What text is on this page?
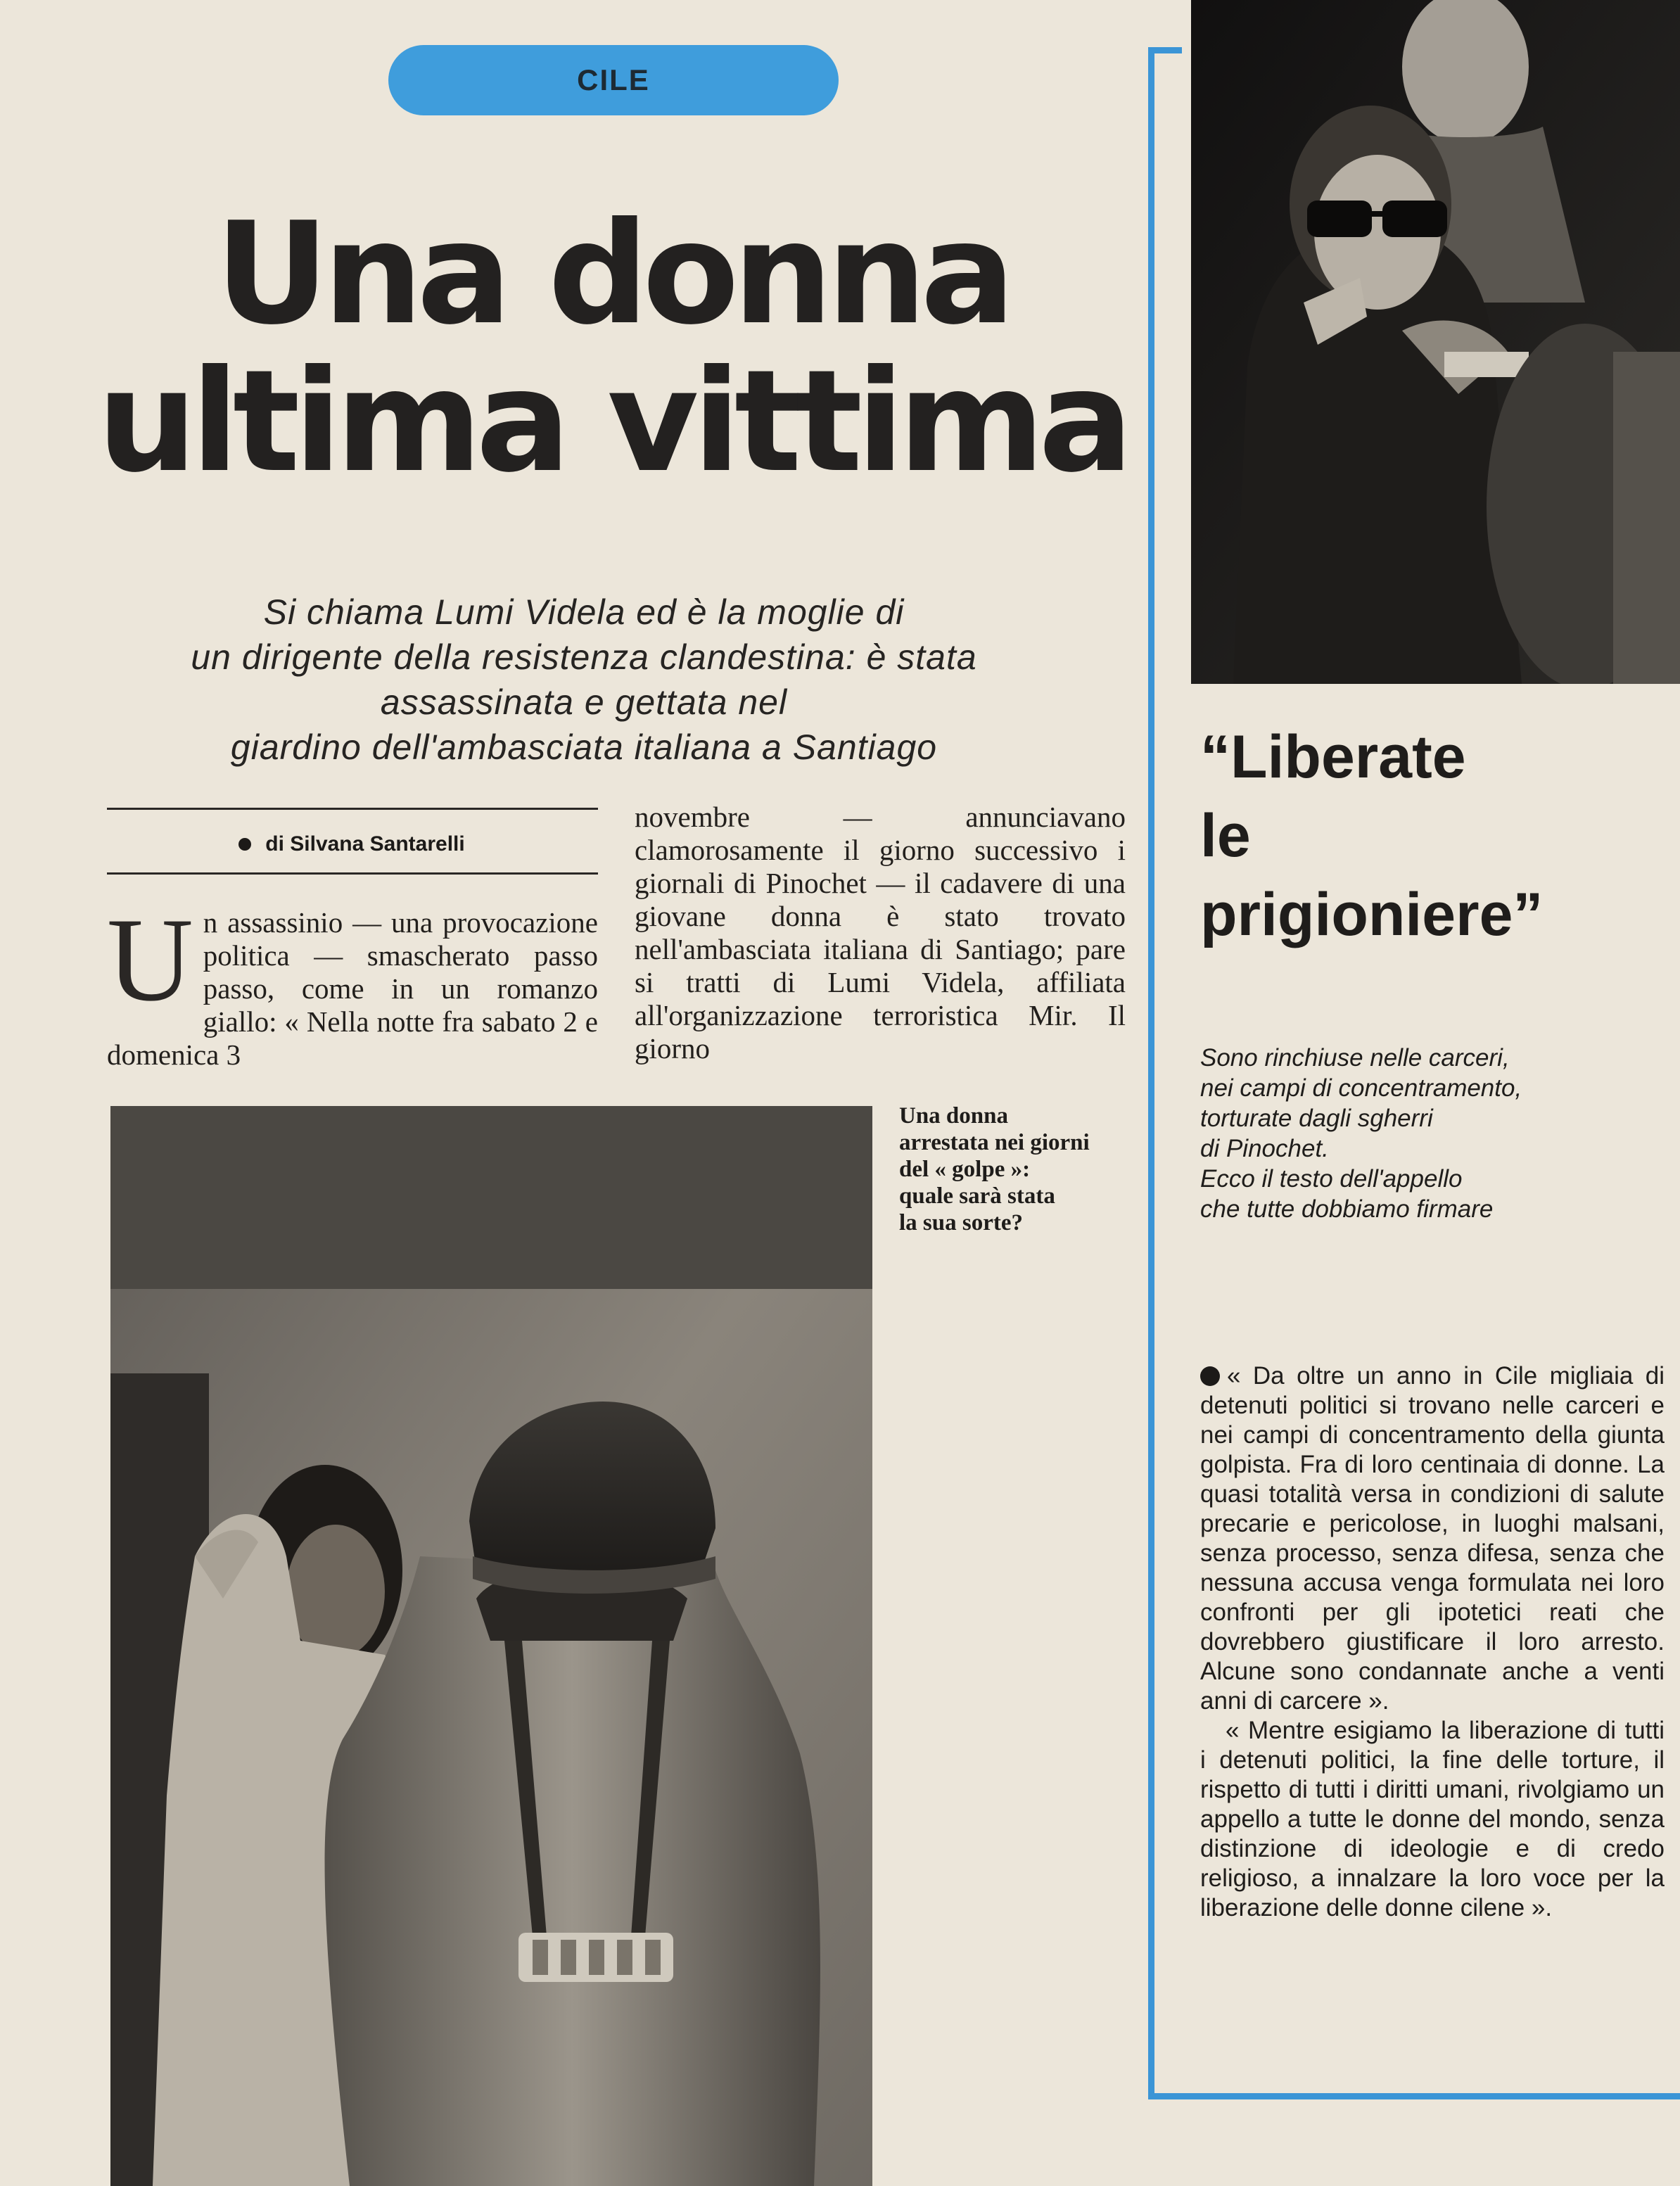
CILE
Una donna
ultima vittima
Si chiama Lumi Videla ed è la moglie di
un dirigente della resistenza clandestina: è stata
assassinata e gettata nel
giardino dell'ambasciata italiana a Santiago
di Silvana Santarelli
U n assassinio — una provocazione politica — smascherato passo passo, come in un romanzo giallo: « Nella notte fra sabato 2 e domenica 3
novembre — annunciavano clamorosamente il giorno successivo i giornali di Pinochet — il cadavere di una giovane donna è stato trovato nell'ambasciata italiana di Santiago; pare si tratti di Lumi Videla, affiliata all'organizzazione terroristica Mir. Il giorno
Una donna
arrestata nei giorni
del « golpe »:
quale sarà stata
la sua sorte?
“Liberate
le
prigioniere”
Sono rinchiuse nelle carceri,
nei campi di concentramento,
torturate dagli sgherri
di Pinochet.
Ecco il testo dell'appello
che tutte dobbiamo firmare

« Da oltre un anno in Cile migliaia di detenuti politici si trovano nelle carceri e nei campi di concentramento della giunta golpista. Fra di loro centinaia di donne. La quasi totalità versa in condizioni di salute precarie e pericolose, in luoghi malsani, senza processo, senza difesa, senza che nessuna accusa venga formulata nei loro confronti per gli ipotetici reati che dovrebbero giustificare il loro arresto. Alcune sono condannate anche a venti anni di carcere ».

« Mentre esigiamo la liberazione di tutti i detenuti politici, la fine delle torture, il rispetto di tutti i diritti umani, rivolgiamo un appello a tutte le donne del mondo, senza distinzione di ideologie e di credo religioso, a innalzare la loro voce per la liberazione delle donne cilene ».
